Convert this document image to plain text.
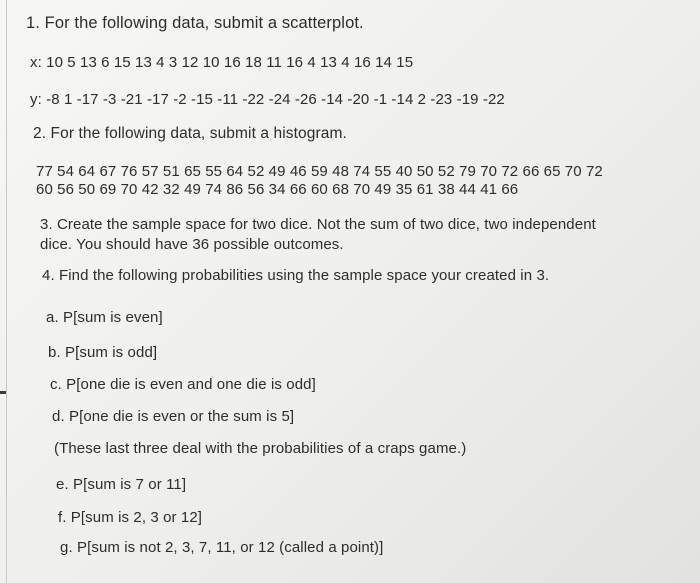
1. For the following data, submit a scatterplot.
x: 10 5 13 6 15 13 4 3 12 10 16 18 11 16 4 13 4 16 14 15
y: -8 1 -17 -3 -21 -17 -2 -15 -11 -22 -24 -26 -14 -20 -1 -14 2 -23 -19 -22
2. For the following data, submit a histogram.
77 54 64 67 76 57 51 65 55 64 52 49 46 59 48 74 55 40 50 52 79 70 72 66 65 70 72
60 56 50 69 70 42 32 49 74 86 56 34 66 60 68 70 49 35 61 38 44 41 66
3. Create the sample space for two dice. Not the sum of two dice, two independent
dice. You should have 36 possible outcomes.
4. Find the following probabilities using the sample space your created in 3.
a. P[sum is even]
b. P[sum is odd]
c. P[one die is even and one die is odd]
d. P[one die is even or the sum is 5]
(These last three deal with the probabilities of a craps game.)
e. P[sum is 7 or 11]
f. P[sum is 2, 3 or 12]
g. P[sum is not 2, 3, 7, 11, or 12 (called a point)]
